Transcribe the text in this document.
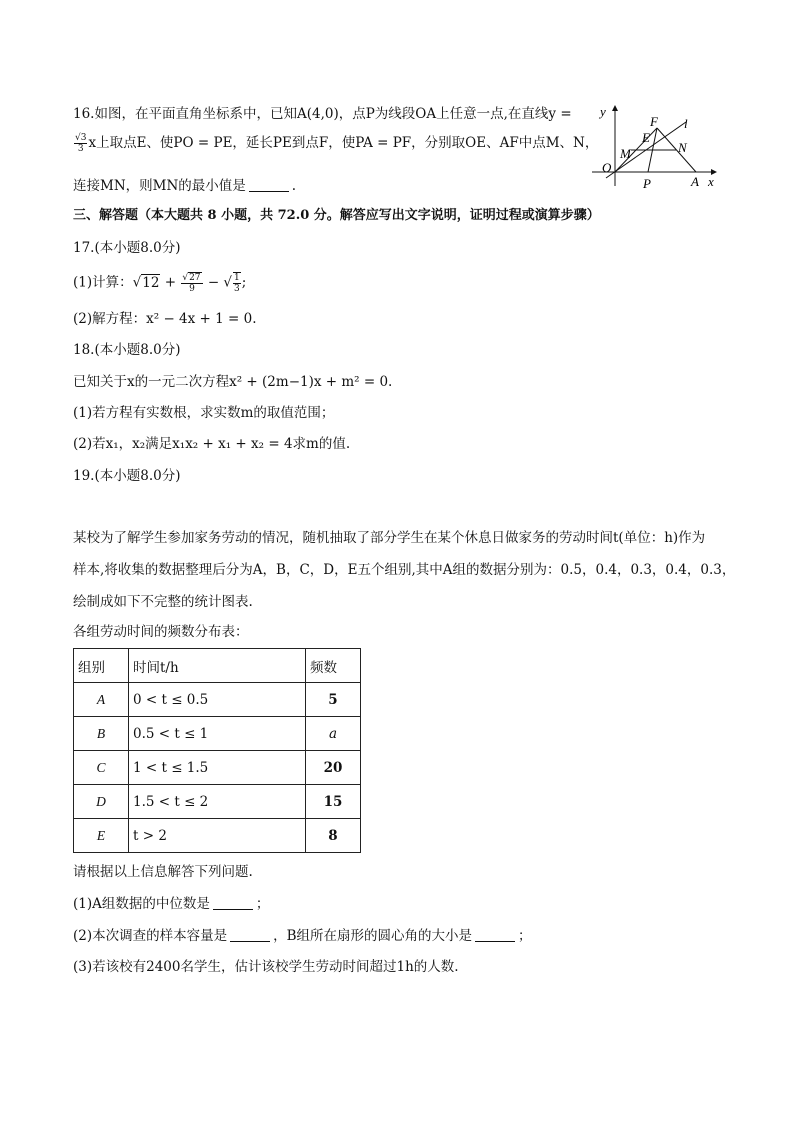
16.如图，在平面直角坐标系中，已知A(4,0)，点P为线段OA上任意一点,在直线y =
$\frac{√3}{3}$ x上取点E、使PO = PE，延长PE到点F，使PA = PF，分别取OE、AF中点M、N，
连接MN，则MN的最小值是	.
y
F l
E
M	N
O
P	A x
三、解答题（本大题共 8 小题，共 72.0 分。解答应写出文字说明，证明过程或演算步骤）
17.(本小题8.0分)
(1)计算：$√12 + \frac{√27}{9}$ − √ $\frac{1}{3}$ ;
(2)解方程：x² − 4x + 1 = 0.
18.(本小题8.0分)
已知关于x的一元二次方程x² + (2m−1)x + m² = 0.
(1)若方程有实数根，求实数m的取值范围；
(2)若x₁，x₂满足x₁x₂ + x₁ + x₂ = 4求m的值.
19.(本小题8.0分)
某校为了解学生参加家务劳动的情况，随机抽取了部分学生在某个休息日做家务的劳动时间t(单位：h)作为
样本,将收集的数据整理后分为A，B，C，D，E五个组别,其中A组的数据分别为：0.5，0.4，0.3，0.4，0.3，
绘制成如下不完整的统计图表.
各组劳动时间的频数分布表：
组别	时间t/h	频数
A	0 < t ≤ 0.5	5
B	0.5 < t ≤ 1	a
C	1 < t ≤ 1.5	20
D	1.5 < t ≤ 2	15
E	t > 2	8
请根据以上信息解答下列问题.
(1)A组数据的中位数是	；
(2)本次调查的样本容量是	，B组所在扇形的圆心角的大小是	；
(3)若该校有2400名学生，估计该校学生劳动时间超过1h的人数.
